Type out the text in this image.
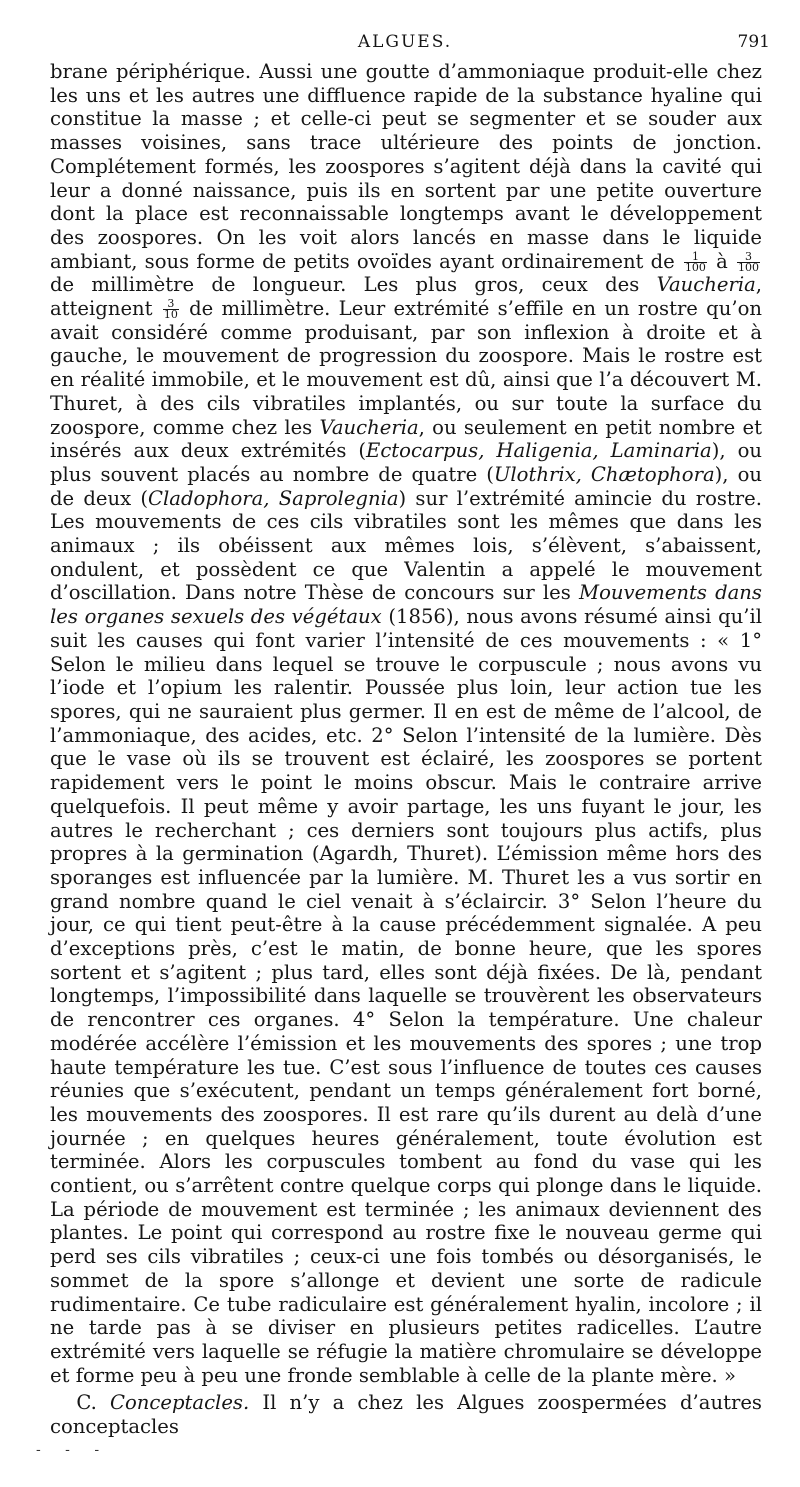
ALGUES.	791

brane périphérique. Aussi une goutte d’ammoniaque produit-elle chez les uns et les autres une diffluence rapide de la substance hyaline qui constitue la masse ; et celle-ci peut se segmenter et se souder aux masses voisines, sans trace ultérieure des points de jonction. Complétement formés, les zoospores s’agitent déjà dans la cavité qui leur a donné naissance, puis ils en sortent par une petite ouverture dont la place est reconnaissable longtemps avant le développement des zoospores. On les voit alors lancés en masse dans le liquide ambiant, sous forme de petits ovoïdes ayant ordinairement de $\frac{1}{100}$ à $\frac{3}{100}$
de millimètre de longueur. Les plus gros, ceux des Vaucheria, atteignent $\frac{3}{10}$ de millimètre. Leur extrémité s’effile en un rostre qu’on avait considéré comme produisant, par son inflexion à droite et à gauche, le mouvement de progression du zoospore. Mais le rostre est en réalité immobile, et le mouvement est dû, ainsi que l’a découvert M. Thuret, à des cils vibratiles implantés, ou sur toute la surface du zoospore, comme chez les Vaucheria, ou seulement en petit nombre et insérés aux deux extrémités (Ectocarpus, Haligenia, Laminaria), ou plus souvent placés au nombre de quatre (Ulothrix, Chætophora), ou de deux (Cladophora, Saprolegnia) sur l’extrémité amincie du rostre. Les mouvements de ces cils vibratiles sont les mêmes que dans les animaux ; ils obéissent aux mêmes lois, s’élèvent, s’abaissent, ondulent, et possèdent ce que Valentin a appelé le mouvement d’oscillation. Dans notre Thèse de concours sur les Mouvements dans les organes sexuels des végétaux (1856), nous avons résumé ainsi qu’il suit les causes qui font varier l’intensité de ces mouvements : « 1° Selon le milieu dans lequel se trouve le corpuscule ; nous avons vu l’iode et l’opium les ralentir. Poussée plus loin, leur action tue les spores, qui ne sauraient plus germer. Il en est de même de l’alcool, de l’ammoniaque, des acides, etc. 2° Selon l’intensité de la lumière. Dès que le vase où ils se trouvent est éclairé, les zoospores se portent rapidement vers le point le moins obscur. Mais le contraire arrive quelquefois. Il peut même y avoir partage, les uns fuyant le jour, les autres le recherchant ; ces derniers sont toujours plus actifs, plus propres à la germination (Agardh, Thuret). L’émission même hors des sporanges est influencée par la lumière. M. Thuret les a vus sortir en grand nombre quand le ciel venait à s’éclaircir. 3° Selon l’heure du jour, ce qui tient peut-être à la cause précédemment signalée. A peu d’exceptions près, c’est le matin, de bonne heure, que les spores sortent et s’agitent ; plus tard, elles sont déjà fixées. De là, pendant longtemps, l’impossibilité dans laquelle se trouvèrent les observateurs de rencontrer ces organes. 4° Selon la température. Une chaleur modérée accélère l’émission et les mouvements des spores ; une trop haute température les tue. C’est sous l’influence de toutes ces causes réunies que s’exécutent, pendant un temps généralement fort borné, les mouvements des zoospores. Il est rare qu’ils durent au delà d’une journée ; en quelques heures généralement, toute évolution est terminée. Alors les corpuscules tombent au fond du vase qui les contient, ou s’arrêtent contre quelque corps qui plonge dans le liquide. La période de mouvement est terminée ; les animaux deviennent des plantes. Le point qui correspond au rostre fixe le nouveau germe qui perd ses cils vibratiles ; ceux-ci une fois tombés ou désorganisés, le sommet de la spore s’allonge et devient une sorte de radicule rudimentaire. Ce tube radiculaire est généralement hyalin, incolore ; il ne tarde pas à se diviser en plusieurs petites radicelles. L’autre extrémité vers laquelle se réfugie la matière chromulaire se développe et forme peu à peu une fronde semblable à celle de la plante mère. »

C. Conceptacles. Il n’y a chez les Algues zoospermées d’autres conceptacles

- - -
